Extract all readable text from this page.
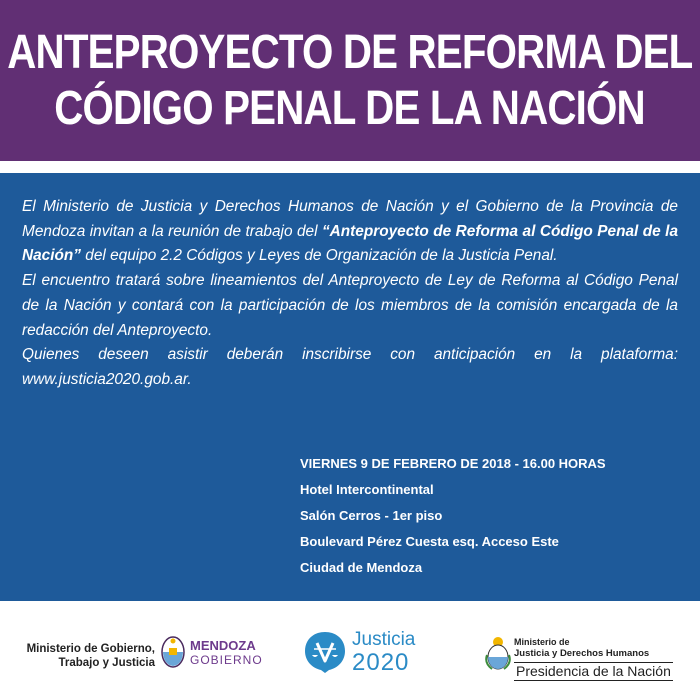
ANTEPROYECTO DE REFORMA DEL
CÓDIGO PENAL DE LA NACIÓN

El Ministerio de Justicia y Derechos Humanos de Nación y el Gobierno de la Provincia de Mendoza invitan a la reunión de trabajo del “Anteproyecto de Reforma al Código Penal de la Nación” del equipo 2.2 Códigos y Leyes de Organización de la Justicia Penal.

El encuentro tratará sobre lineamientos del Anteproyecto de Ley de Reforma al Código Penal de la Nación y contará con la participación de los miembros de la comisión encargada de la redacción del Anteproyecto.

Quienes deseen asistir deberán inscribirse con anticipación en la plataforma: www.justicia2020.gob.ar.

VIERNES 9 DE FEBRERO DE 2018 - 16.00 HORAS
Hotel Intercontinental
Salón Cerros - 1er piso
Boulevard Pérez Cuesta esq. Acceso Este
Ciudad de Mendoza
Ministerio de Gobierno,
Trabajo y Justicia
MENDOZA
GOBIERNO
Justicia
2020
Ministerio de
Justicia y Derechos Humanos
Presidencia de la Nación
